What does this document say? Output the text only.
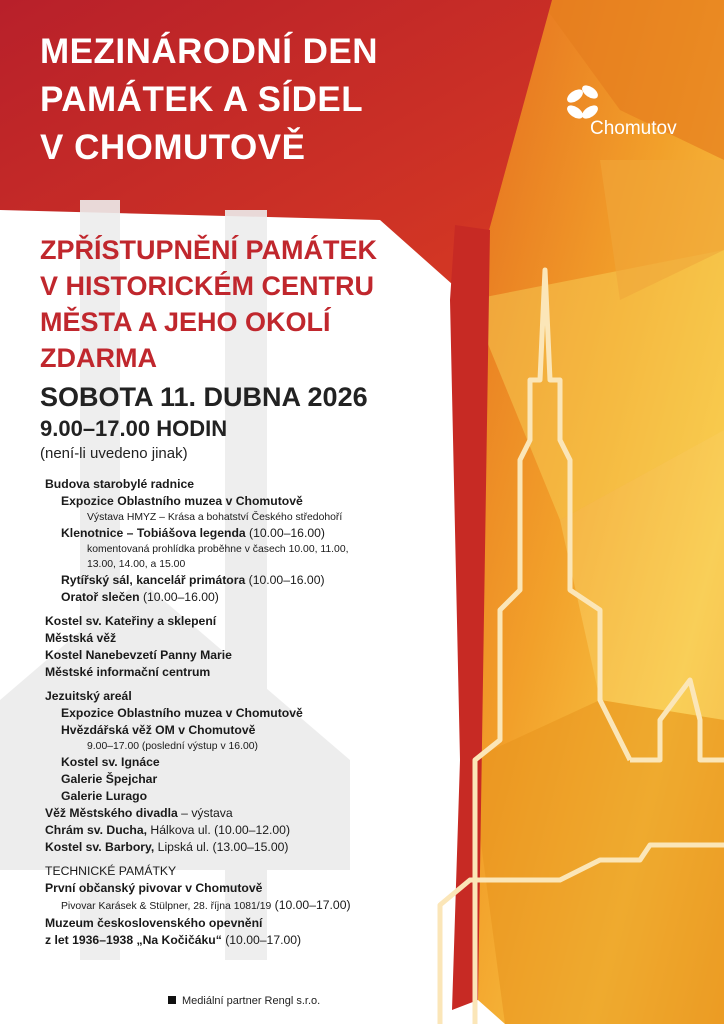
MEZINÁRODNÍ DEN
PAMÁTEK A SÍDEL
V CHOMUTOVĚ	Chomutov
ZPŘÍSTUPNĚNÍ PAMÁTEK
V HISTORICKÉM CENTRU
MĚSTA A JEHO OKOLÍ
ZDARMA
SOBOTA 11. DUBNA 2026
9.00–17.00 HODIN
(není-li uvedeno jinak)
Budova starobylé radnice
Expozice Oblastního muzea v Chomutově
Výstava HMYZ – Krása a bohatství Českého středohoří
Klenotnice – Tobiášova legenda (10.00–16.00)
komentovaná prohlídka proběhne v časech 10.00, 11.00,
13.00, 14.00, a 15.00
Rytířský sál, kancelář primátora (10.00–16.00)
Oratoř slečen (10.00–16.00)
Kostel sv. Kateřiny a sklepení
Městská věž
Kostel Nanebevzetí Panny Marie
Městské informační centrum
Jezuitský areál
Expozice Oblastního muzea v Chomutově
Hvězdářská věž OM v Chomutově
9.00–17.00 (poslední výstup v 16.00)
Kostel sv. Ignáce
Galerie Špejchar
Galerie Lurago
Věž Městského divadla – výstava
Chrám sv. Ducha, Hálkova ul. (10.00–12.00)
Kostel sv. Barbory, Lipská ul. (13.00–15.00)
TECHNICKÉ PAMÁTKY
První občanský pivovar v Chomutově
Pivovar Karásek & Stülpner, 28. října 1081/19 (10.00–17.00)
Muzeum československého opevnění
z let 1936–1938 „Na Kočičáku“ (10.00–17.00)
Mediální partner Rengl s.r.o.
